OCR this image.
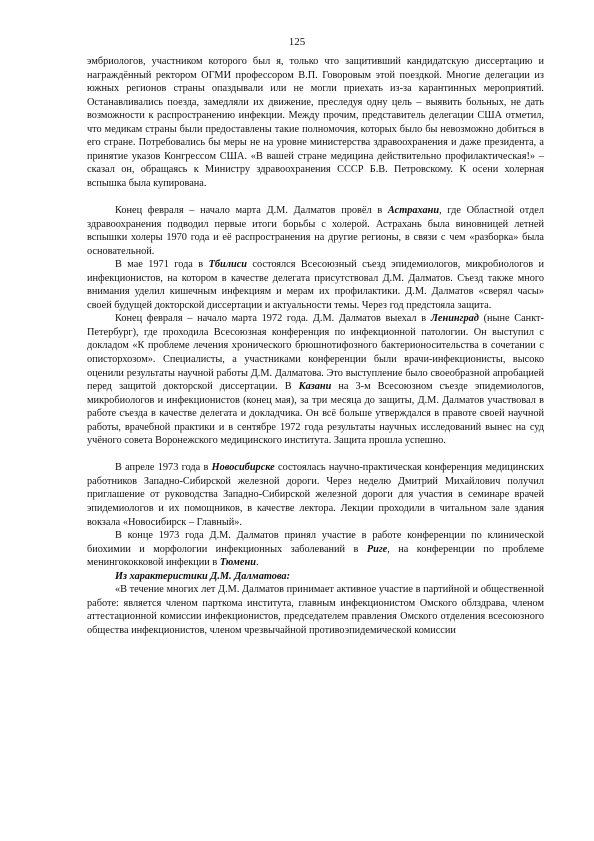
125

эмбриологов, участником которого был я, только что защитивший кандидатскую диссертацию и награждённый ректором ОГМИ профессором В.П. Говоровым этой поездкой. Многие делегации из южных регионов страны опаздывали или не могли приехать из-за карантинных мероприятий. Останавливались поезда, замедляли их движение, преследуя одну цель – выявить больных, не дать возможности к распространению инфекции. Между прочим, представитель делегации США отметил, что медикам страны были предоставлены такие полномочия, которых было бы невозможно добиться в его стране. Потребовались бы меры не на уровне министерства здравоохранения и даже президента, а принятие указов Конгрессом США. «В вашей стране медицина действительно профилактическая!» – сказал он, обращаясь к Министру здравоохранения СССР Б.В. Петровскому. К осени холерная вспышка была купирована.

Конец февраля – начало марта Д.М. Далматов провёл в Астрахани, где Областной отдел здравоохранения подводил первые итоги борьбы с холерой. Астрахань была виновницей летней вспышки холеры 1970 года и её распространения на другие регионы, в связи с чем «разборка» была основательной.

В мае 1971 года в Тбилиси состоялся Всесоюзный съезд эпидемиологов, микробиологов и инфекционистов, на котором в качестве делегата присутствовал Д.М. Далматов. Съезд также много внимания уделил кишечным инфекциям и мерам их профилактики. Д.М. Далматов «сверял часы» своей будущей докторской диссертации и актуальности темы. Через год предстояла защита.

Конец февраля – начало марта 1972 года. Д.М. Далматов выехал в Ленинград (ныне Санкт-Петербург), где проходила Всесоюзная конференция по инфекционной патологии. Он выступил с докладом «К проблеме лечения хронического брюшнотифозного бактерионосительства в сочетании с описторхозом». Специалисты, а участниками конференции были врачи-инфекционисты, высоко оценили результаты научной работы Д.М. Далматова. Это выступление было своеобразной апробацией перед защитой докторской диссертации. В Казани на 3-м Всесоюзном съезде эпидемиологов, микробиологов и инфекционистов (конец мая), за три месяца до защиты, Д.М. Далматов участвовал в работе съезда в качестве делегата и докладчика. Он всё больше утверждался в правоте своей научной работы, врачебной практики и в сентябре 1972 года результаты научных исследований вынес на суд учёного совета Воронежского медицинского института. Защита прошла успешно.

В апреле 1973 года в Новосибирске состоялась научно-практическая конференция медицинских работников Западно-Сибирской железной дороги. Через неделю Дмитрий Михайлович получил приглашение от руководства Западно-Сибирской железной дороги для участия в семинаре врачей эпидемиологов и их помощников, в качестве лектора. Лекции проходили в читальном зале здания вокзала «Новосибирск – Главный».

В конце 1973 года Д.М. Далматов принял участие в работе конференции по клинической биохимии и морфологии инфекционных заболеваний в Риге, на конференции по проблеме менингококковой инфекции в Тюмени.

Из характеристики Д.М. Далматова:

«В течение многих лет Д.М. Далматов принимает активное участие в партийной и общественной работе: является членом парткома института, главным инфекционистом Омского облздрава, членом аттестационной комиссии инфекционистов, председателем правления Омского отделения всесоюзного общества инфекционистов, членом чрезвычайной противоэпидемической комиссии
